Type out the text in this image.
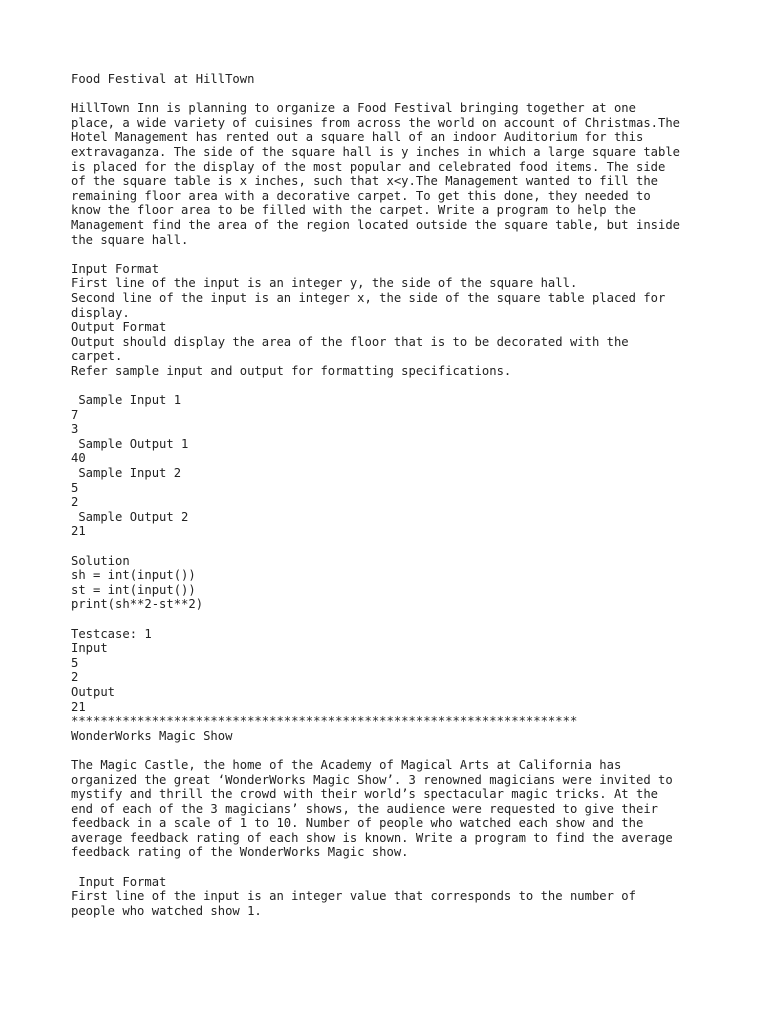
Food Festival at HillTown
HillTown Inn is planning to organize a Food Festival bringing together at one
place, a wide variety of cuisines from across the world on account of Christmas.The
Hotel Management has rented out a square hall of an indoor Auditorium for this
extravaganza. The side of the square hall is y inches in which a large square table
is placed for the display of the most popular and celebrated food items. The side
of the square table is x inches, such that x<y.The Management wanted to fill the
remaining floor area with a decorative carpet. To get this done, they needed to
know the floor area to be filled with the carpet. Write a program to help the
Management find the area of the region located outside the square table, but inside
the square hall.
Input Format
First line of the input is an integer y, the side of the square hall.
Second line of the input is an integer x, the side of the square table placed for
display.
Output Format
Output should display the area of the floor that is to be decorated with the
carpet.
Refer sample input and output for formatting specifications.
Sample Input 1
7
3
Sample Output 1
40
Sample Input 2
5
2
Sample Output 2
21
Solution
sh = int(input())
st = int(input())
print(sh**2-st**2)
Testcase: 1
Input
5
2
Output
21
*********************************************************************
WonderWorks Magic Show
The Magic Castle, the home of the Academy of Magical Arts at California has
organized the great ‘WonderWorks Magic Show’. 3 renowned magicians were invited to
mystify and thrill the crowd with their world’s spectacular magic tricks. At the
end of each of the 3 magicians’ shows, the audience were requested to give their
feedback in a scale of 1 to 10. Number of people who watched each show and the
average feedback rating of each show is known. Write a program to find the average
feedback rating of the WonderWorks Magic show.
Input Format
First line of the input is an integer value that corresponds to the number of
people who watched show 1.
